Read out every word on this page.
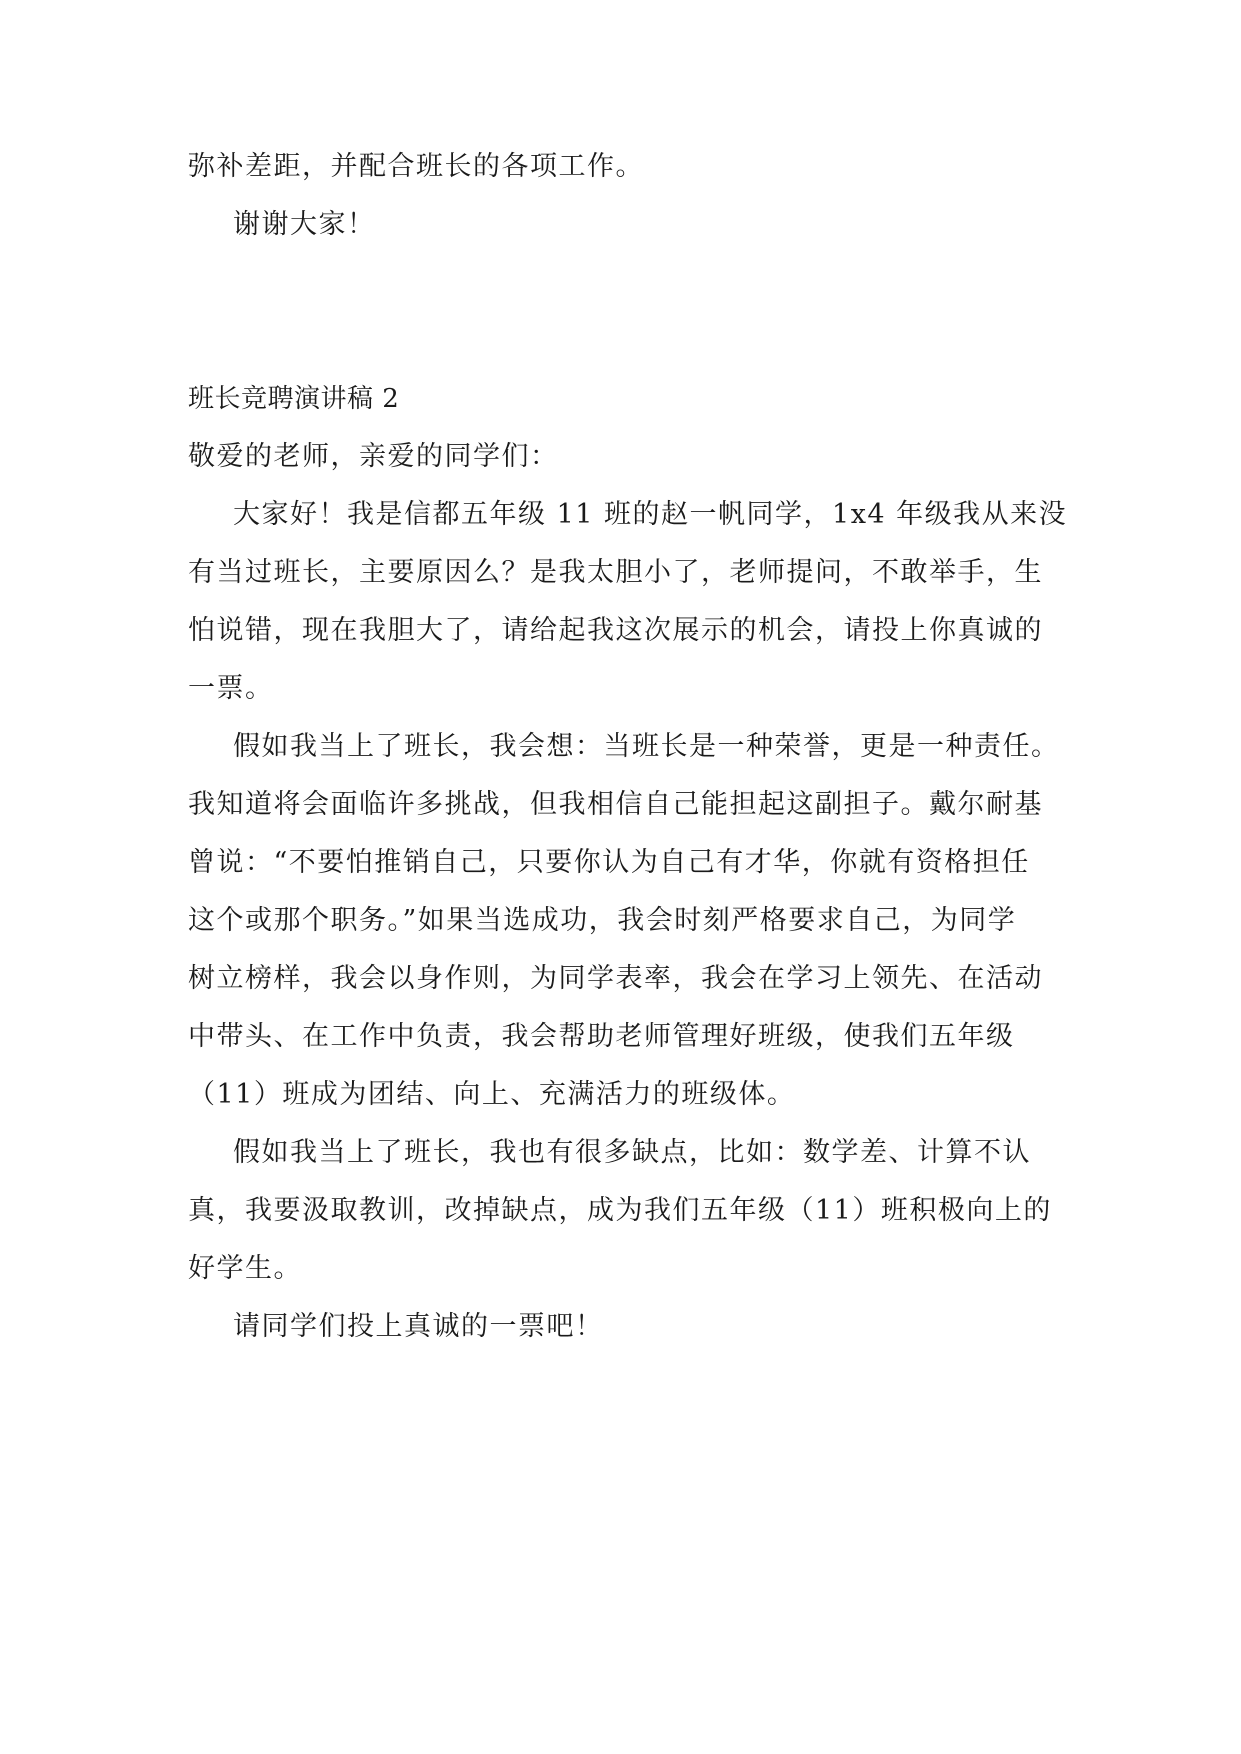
弥补差距，并配合班长的各项工作。
谢谢大家！
班长竞聘演讲稿 2
敬爱的老师，亲爱的同学们：
大家好！我是信都五年级 11 班的赵一帆同学，1x4 年级我从来没
有当过班长，主要原因么？是我太胆小了，老师提问，不敢举手，生
怕说错，现在我胆大了，请给起我这次展示的机会，请投上你真诚的
一票。
假如我当上了班长，我会想：当班长是一种荣誉，更是一种责任。
我知道将会面临许多挑战，但我相信自己能担起这副担子。戴尔耐基
曾说：“不要怕推销自己，只要你认为自己有才华，你就有资格担任
这个或那个职务。”如果当选成功，我会时刻严格要求自己，为同学
树立榜样，我会以身作则，为同学表率，我会在学习上领先、在活动
中带头、在工作中负责，我会帮助老师管理好班级，使我们五年级
（11）班成为团结、向上、充满活力的班级体。
假如我当上了班长，我也有很多缺点，比如：数学差、计算不认
真，我要汲取教训，改掉缺点，成为我们五年级（11）班积极向上的
好学生。
请同学们投上真诚的一票吧！
